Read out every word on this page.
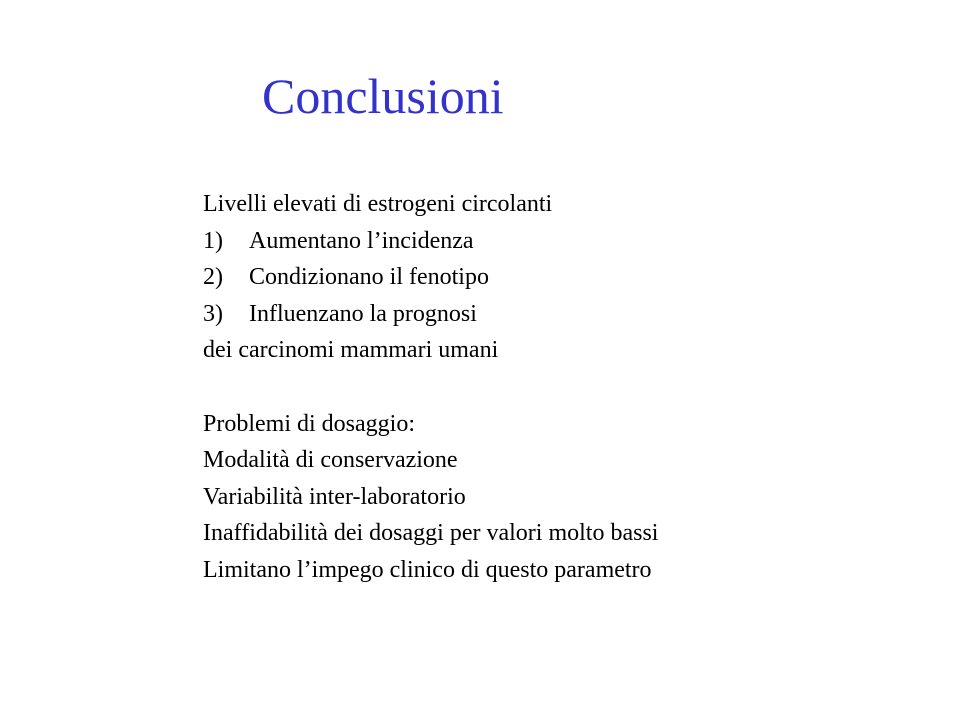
Conclusioni
Livelli elevati di estrogeni circolanti
1) Aumentano l’incidenza
2) Condizionano il fenotipo
3) Influenzano la prognosi
dei carcinomi mammari umani
Problemi di dosaggio:
Modalità di conservazione
Variabilità inter-laboratorio
Inaffidabilità dei dosaggi per valori molto bassi
Limitano l’impego clinico di questo parametro
